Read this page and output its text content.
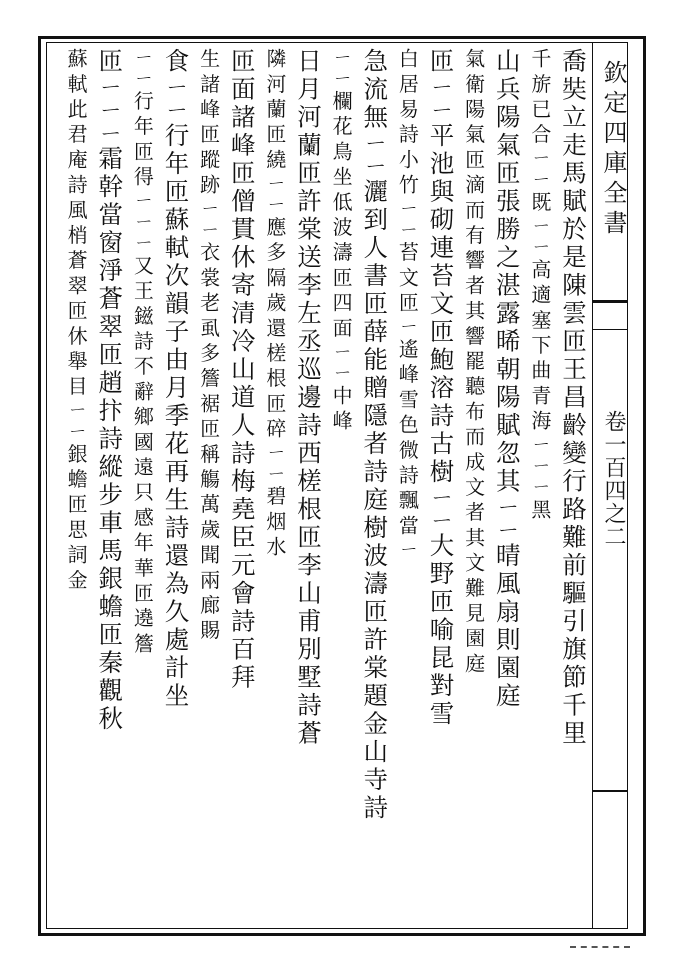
欽定四庫全書
卷一百四之二
喬奘立走馬賦於是陳雲匝王昌齡變行路難前驅引旗節千里
千旂已合ㄧㄧ既ㄧㄧ高適塞下曲青海ㄧㄧㄧ黑
山兵陽氣匝張勝之湛露晞朝陽賦忽其ㄧㄧ晴風扇則園庭
氣衛陽氣匝滴而有響者其響罷聽布而成文者其文難見園庭
匝ㄧㄧ平池與砌連苔文匝鮑溶詩古樹ㄧㄧ大野匝喻昆對雪
白居易詩小竹ㄧㄧ苔文匝ㄧ遙峰雪色微詩飄當ㄧ
急流無ㄧㄧ灑到人書匝薛能贈隱者詩庭樹波濤匝許棠題金山寺詩
ㄧㄧ欄花鳥坐低波濤匝四面ㄧㄧ中峰
日月河蘭匝許棠送李左丞巡邊詩西槎根匝李山甫別墅詩蒼
隣河蘭匝繞ㄧㄧ應多隔歲還槎根匝碎ㄧㄧ碧烟水
匝面諸峰匝僧貫休寄清冷山道人詩梅堯臣元會詩百拜
生諸峰匝蹤跡ㄧㄧ衣裳老虱多簷裾匝稱觴萬歲聞兩廊賜
食ㄧㄧ行年匝蘇軾次韻子由月季花再生詩還為久處計坐
ㄧㄧ行年匝得ㄧㄧㄧ又王鎡詩不辭鄉國遠只感年華匝遶簷
匝ㄧㄧㄧ霜幹當窗淨蒼翠匝趙抃詩縱步車馬銀蟾匝秦觀秋
蘇軾此君庵詩風梢蒼翠匝休舉目ㄧㄧ銀蟾匝思詞金
